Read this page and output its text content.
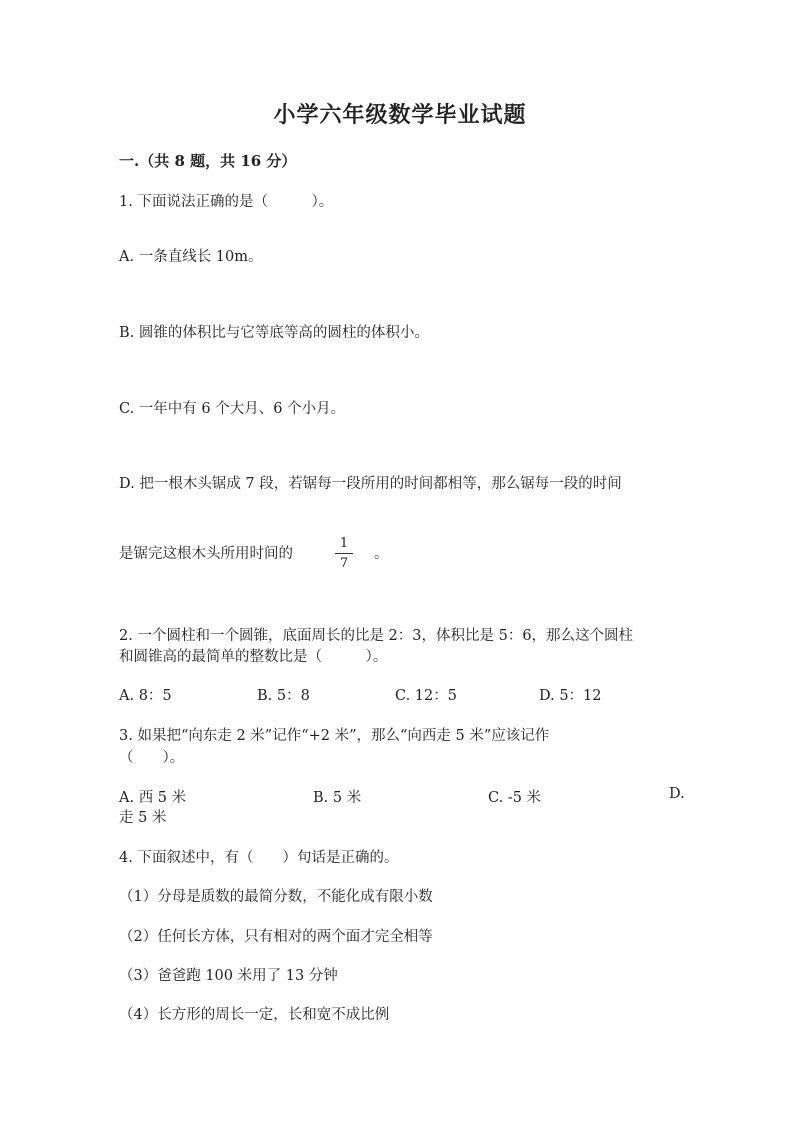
小学六年级数学毕业试题
一.（共 8 题，共 16 分）
1. 下面说法正确的是（　　　）。
A. 一条直线长 10m。
B. 圆锥的体积比与它等底等高的圆柱的体积小。
C. 一年中有 6 个大月、6 个小月。
D. 把一根木头锯成 7 段，若锯每一段所用的时间都相等，那么锯每一段的时间
是锯完这根木头所用时间的
1
7
。
2. 一个圆柱和一个圆锥，底面周长的比是 2：3，体积比是 5：6，那么这个圆柱
和圆锥高的最简单的整数比是（　　　）。
A. 8：5	B. 5：8	C. 12：5	D. 5：12
3. 如果把“向东走 2 米”记作“+2 米”，那么“向西走 5 米”应该记作
（　　）。
A. 西 5 米	B. 5 米	C. -5 米	D.
走 5 米
4. 下面叙述中，有（　　）句话是正确的。
（1）分母是质数的最简分数，不能化成有限小数
（2）任何长方体，只有相对的两个面才完全相等
（3）爸爸跑 100 米用了 13 分钟
（4）长方形的周长一定，长和宽不成比例
